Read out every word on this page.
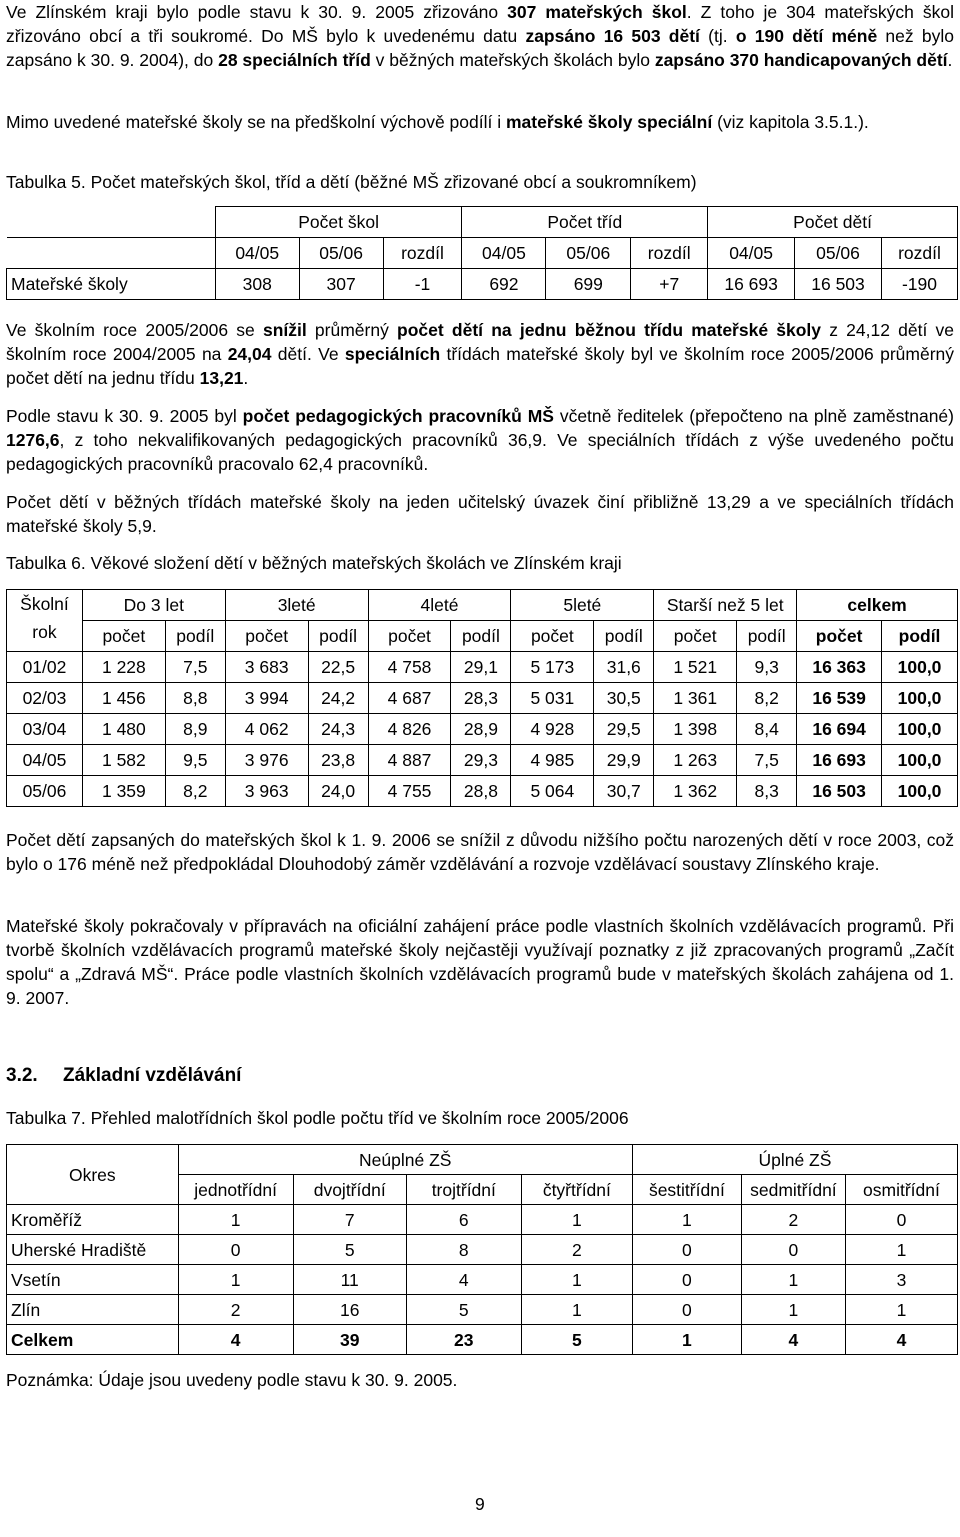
Ve Zlínském kraji bylo podle stavu k 30. 9. 2005 zřizováno 307 mateřských škol. Z toho je 304 mateřských škol zřizováno obcí a tři soukromé. Do MŠ bylo k uvedenému datu zapsáno 16 503 dětí (tj. o 190 dětí méně než bylo zapsáno k 30. 9. 2004), do 28 speciálních tříd v běžných mateřských školách bylo zapsáno 370 handicapovaných dětí.

Mimo uvedené mateřské školy se na předškolní výchově podílí i mateřské školy speciální (viz kapitola 3.5.1.).

Tabulka 5. Počet mateřských škol, tříd a dětí (běžné MŠ zřizované obcí a soukromníkem)
	Počet škol			Počet tříd			Počet dětí		
	04/05	05/06	rozdíl	04/05	05/06	rozdíl	04/05	05/06	rozdíl
Mateřské školy	308	307	-1	692	699	+7	16 693	16 503	-190

Ve školním roce 2005/2006 se snížil průměrný počet dětí na jednu běžnou třídu mateřské školy z 24,12 dětí ve školním roce 2004/2005 na 24,04 dětí. Ve speciálních třídách mateřské školy byl ve školním roce 2005/2006 průměrný počet dětí na jednu třídu 13,21.

Podle stavu k 30. 9. 2005 byl počet pedagogických pracovníků MŠ včetně ředitelek (přepočteno na plně zaměstnané) 1276,6, z toho nekvalifikovaných pedagogických pracovníků 36,9. Ve speciálních třídách z výše uvedeného počtu pedagogických pracovníků pracovalo 62,4 pracovníků.

Počet dětí v běžných třídách mateřské školy na jeden učitelský úvazek činí přibližně 13,29 a ve speciálních třídách mateřské školy 5,9.

Tabulka 6. Věkové složení dětí v běžných mateřských školách ve Zlínském kraji
Školní
rok	Do 3 let		3leté		4leté		5leté		Starší než 5 let		celkem	
	počet	podíl	počet	podíl	počet	podíl	počet	podíl	počet	podíl	počet	podíl
01/02	1 228	7,5	3 683	22,5	4 758	29,1	5 173	31,6	1 521	9,3	16 363	100,0
02/03	1 456	8,8	3 994	24,2	4 687	28,3	5 031	30,5	1 361	8,2	16 539	100,0
03/04	1 480	8,9	4 062	24,3	4 826	28,9	4 928	29,5	1 398	8,4	16 694	100,0
04/05	1 582	9,5	3 976	23,8	4 887	29,3	4 985	29,9	1 263	7,5	16 693	100,0
05/06	1 359	8,2	3 963	24,0	4 755	28,8	5 064	30,7	1 362	8,3	16 503	100,0

Počet dětí zapsaných do mateřských škol k 1. 9. 2006 se snížil z důvodu nižšího počtu narozených dětí v roce 2003, což bylo o 176 méně než předpokládal Dlouhodobý záměr vzdělávání a rozvoje vzdělávací soustavy Zlínského kraje.

Mateřské školy pokračovaly v přípravách na oficiální zahájení práce podle vlastních školních vzdělávacích programů. Při tvorbě školních vzdělávacích programů mateřské školy nejčastěji využívají poznatky z již zpracovaných programů „Začít spolu“ a „Zdravá MŠ“. Práce podle vlastních školních vzdělávacích programů bude v mateřských školách zahájena od 1. 9. 2007.

3.2. Základní vzdělávání
Tabulka 7. Přehled malotřídních škol podle počtu tříd ve školním roce 2005/2006
Okres	Neúplné ZŠ				Úplné ZŠ		
	jednotřídní	dvojtřídní	trojtřídní	čtyřtřídní	šestitřídní	sedmitřídní	osmitřídní
Kroměříž	1	7	6	1	1	2	0
Uherské Hradiště	0	5	8	2	0	0	1
Vsetín	1	11	4	1	0	1	3
Zlín	2	16	5	1	0	1	1
Celkem	4	39	23	5	1	4	4
Poznámka: Údaje jsou uvedeny podle stavu k 30. 9. 2005.
9
